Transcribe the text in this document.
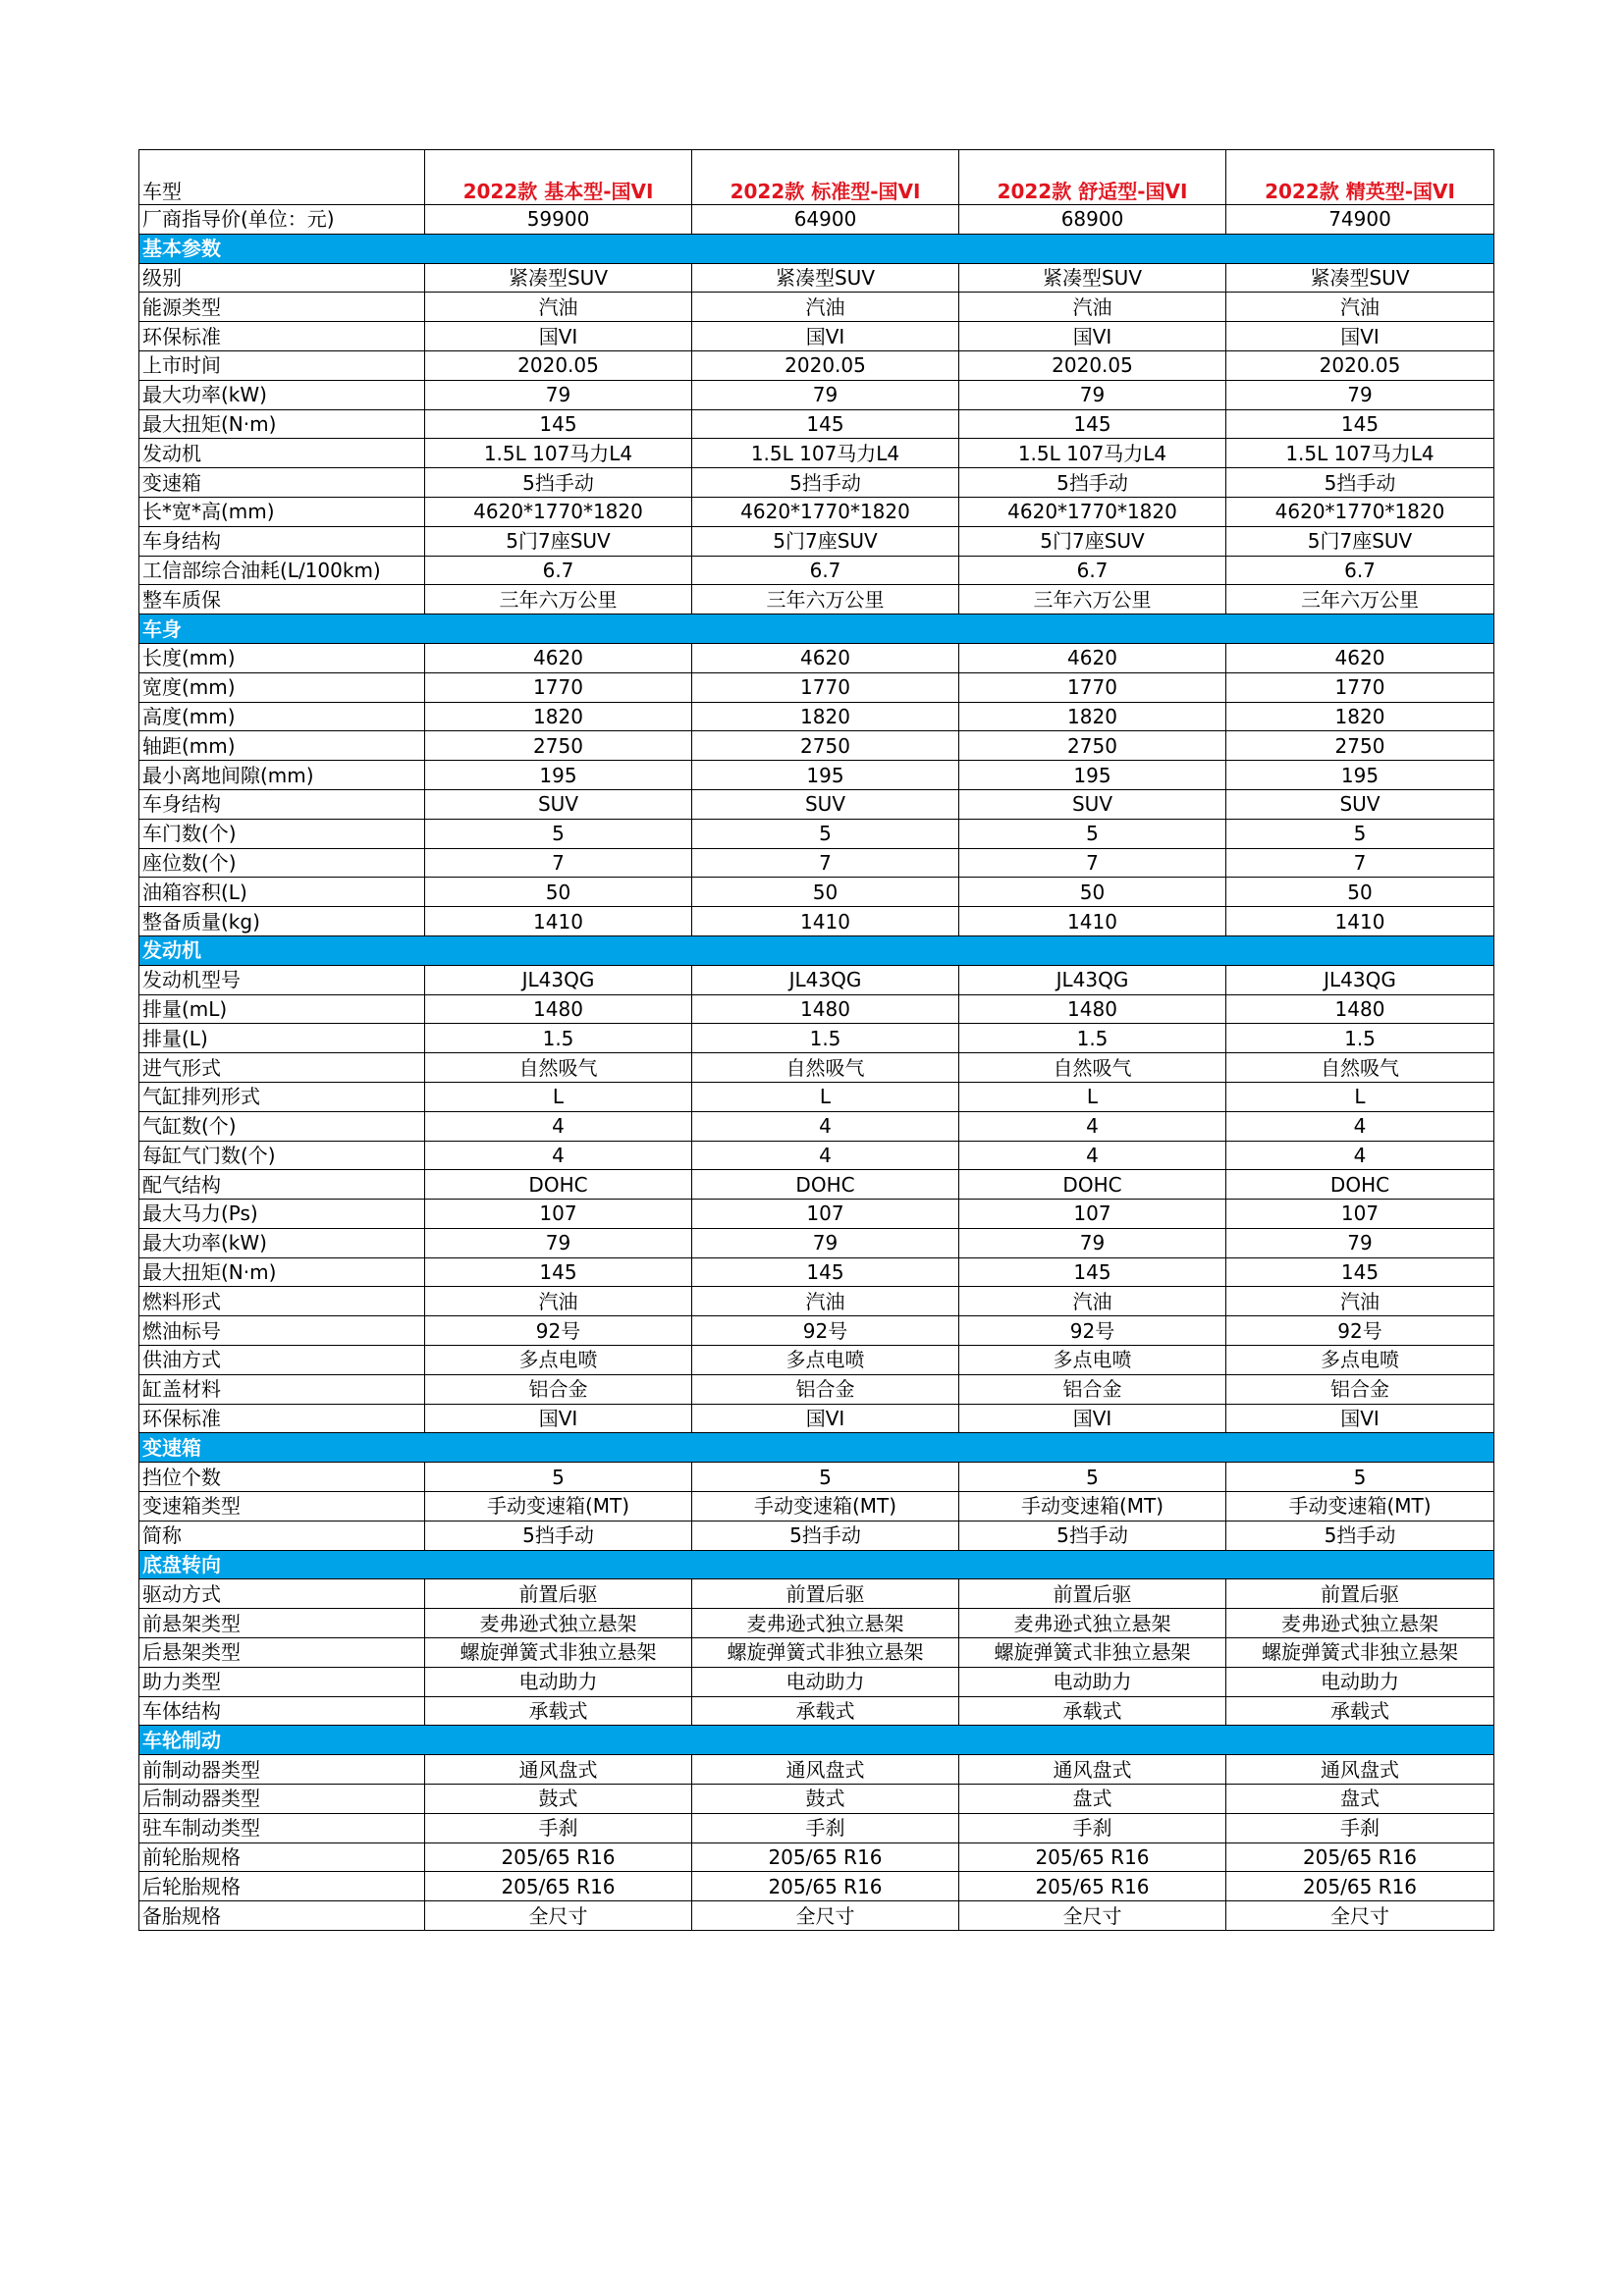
车型	2022款 基本型-国VI	2022款 标准型-国VI	2022款 舒适型-国VI	2022款 精英型-国VI
厂商指导价(单位：元)	59900	64900	68900	74900
基本参数				
级别	紧凑型SUV	紧凑型SUV	紧凑型SUV	紧凑型SUV
能源类型	汽油	汽油	汽油	汽油
环保标准	国VI	国VI	国VI	国VI
上市时间	2020.05	2020.05	2020.05	2020.05
最大功率(kW)	79	79	79	79
最大扭矩(N·m)	145	145	145	145
发动机	1.5L 107马力L4	1.5L 107马力L4	1.5L 107马力L4	1.5L 107马力L4
变速箱	5挡手动	5挡手动	5挡手动	5挡手动
长*宽*高(mm)	4620*1770*1820	4620*1770*1820	4620*1770*1820	4620*1770*1820
车身结构	5门7座SUV	5门7座SUV	5门7座SUV	5门7座SUV
工信部综合油耗(L/100km)	6.7	6.7	6.7	6.7
整车质保	三年六万公里	三年六万公里	三年六万公里	三年六万公里
车身				
长度(mm)	4620	4620	4620	4620
宽度(mm)	1770	1770	1770	1770
高度(mm)	1820	1820	1820	1820
轴距(mm)	2750	2750	2750	2750
最小离地间隙(mm)	195	195	195	195
车身结构	SUV	SUV	SUV	SUV
车门数(个)	5	5	5	5
座位数(个)	7	7	7	7
油箱容积(L)	50	50	50	50
整备质量(kg)	1410	1410	1410	1410
发动机				
发动机型号	JL43QG	JL43QG	JL43QG	JL43QG
排量(mL)	1480	1480	1480	1480
排量(L)	1.5	1.5	1.5	1.5
进气形式	自然吸气	自然吸气	自然吸气	自然吸气
气缸排列形式	L	L	L	L
气缸数(个)	4	4	4	4
每缸气门数(个)	4	4	4	4
配气结构	DOHC	DOHC	DOHC	DOHC
最大马力(Ps)	107	107	107	107
最大功率(kW)	79	79	79	79
最大扭矩(N·m)	145	145	145	145
燃料形式	汽油	汽油	汽油	汽油
燃油标号	92号	92号	92号	92号
供油方式	多点电喷	多点电喷	多点电喷	多点电喷
缸盖材料	铝合金	铝合金	铝合金	铝合金
环保标准	国VI	国VI	国VI	国VI
变速箱				
挡位个数	5	5	5	5
变速箱类型	手动变速箱(MT)	手动变速箱(MT)	手动变速箱(MT)	手动变速箱(MT)
简称	5挡手动	5挡手动	5挡手动	5挡手动
底盘转向				
驱动方式	前置后驱	前置后驱	前置后驱	前置后驱
前悬架类型	麦弗逊式独立悬架	麦弗逊式独立悬架	麦弗逊式独立悬架	麦弗逊式独立悬架
后悬架类型	螺旋弹簧式非独立悬架	螺旋弹簧式非独立悬架	螺旋弹簧式非独立悬架	螺旋弹簧式非独立悬架
助力类型	电动助力	电动助力	电动助力	电动助力
车体结构	承载式	承载式	承载式	承载式
车轮制动				
前制动器类型	通风盘式	通风盘式	通风盘式	通风盘式
后制动器类型	鼓式	鼓式	盘式	盘式
驻车制动类型	手刹	手刹	手刹	手刹
前轮胎规格	205/65 R16	205/65 R16	205/65 R16	205/65 R16
后轮胎规格	205/65 R16	205/65 R16	205/65 R16	205/65 R16
备胎规格	全尺寸	全尺寸	全尺寸	全尺寸
